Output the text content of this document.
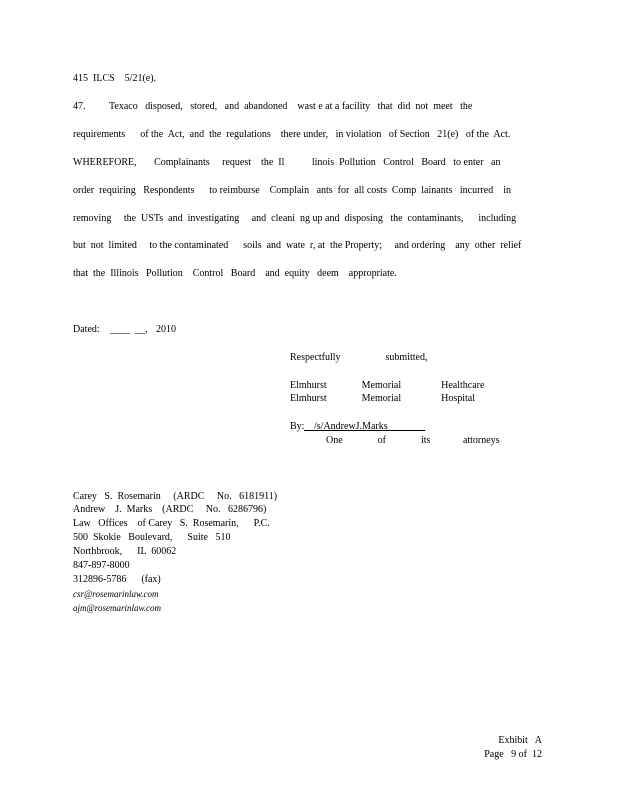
415  ILCS    5/21(e).
47. Texaco   disposed,   stored,   and  abandoned    wast e at a facility   that  did  not  meet   the
requirements      of the  Act,  and  the  regulations    there under,   in violation   of Section   21(e)   of the  Act.
WHEREFORE,       Complainants     request    the  Il           linois  Pollution   Control   Board   to enter   an
order  requiring   Respondents      to reimburse    Complain   ants  for  all costs  Comp  lainants   incurred    in
removing     the  USTs  and  investigating     and  cleani  ng up and  disposing   the  contaminants,      including
but  not  limited     to the contaminated      soils  and  wate  r, at  the Property;     and ordering    any  other  relief
that  the  Illinois   Pollution    Control   Board    and  equity   deem    appropriate.
Dated: ____  __, 2010
Respectfully                  submitted,
Elmhurst              Memorial                Healthcare
Elmhurst              Memorial                Hospital
By: __/s/AndrewJ.Marks
One              of              its             attorneys
Carey   S.  Rosemarin     (ARDC     No.   6181911)
Andrew    J.  Marks    (ARDC     No.   6286796)
Law   Offices    of Carey   S.  Rosemarin,      P.C.
500  Skokie   Boulevard,      Suite   510
Northbrook,      IL  60062
847-897-8000
312896-5786      (fax)
csr@rosemarinlaw.com
ajm@rosemarinlaw.com
Exhibit   A
Page   9 of  12
